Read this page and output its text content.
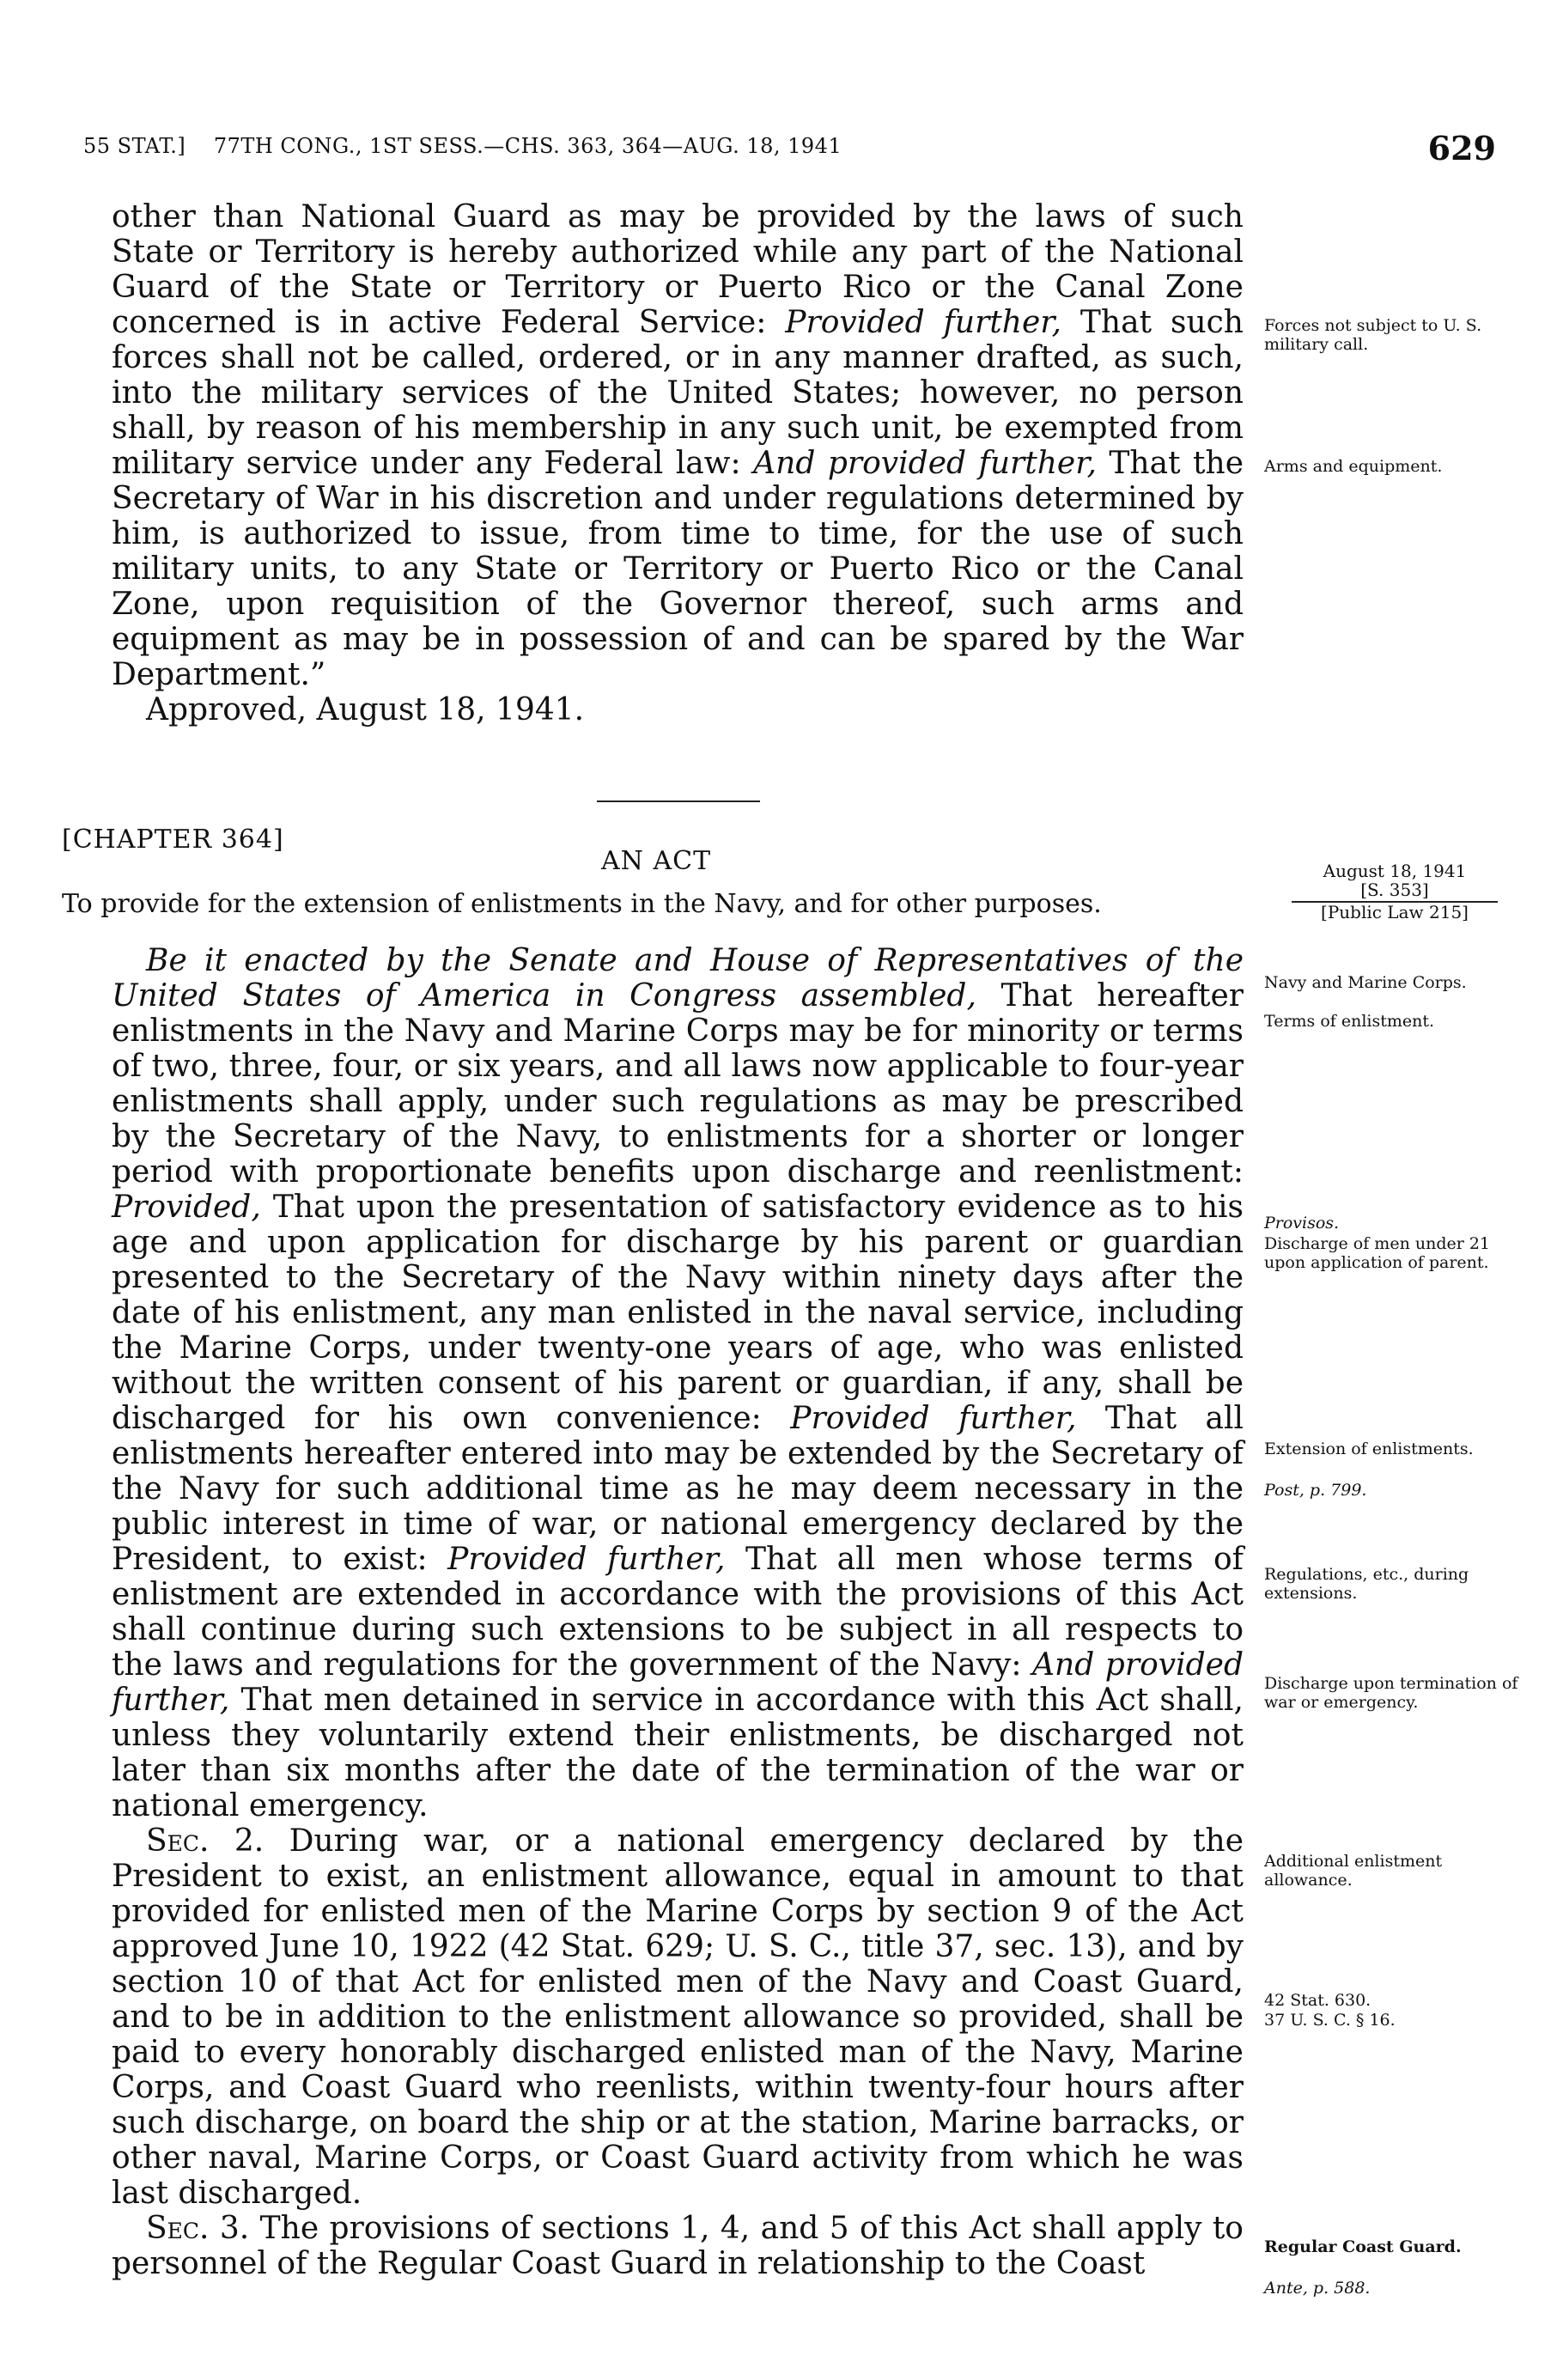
55 STAT.]    77TH CONG., 1ST SESS.—CHS. 363, 364—AUG. 18, 1941	629

other than National Guard as may be provided by the laws of such State or Territory is hereby authorized while any part of the National Guard of the State or Territory or Puerto Rico or the Canal Zone concerned is in active Federal Service: Provided further, That such forces shall not be called, ordered, or in any manner drafted, as such, into the military services of the United States; however, no person shall, by reason of his membership in any such unit, be exempted from military service under any Federal law: And provided further, That the Secretary of War in his discretion and under regulations determined by him, is authorized to issue, from time to time, for the use of such military units, to any State or Territory or Puerto Rico or the Canal Zone, upon requisition of the Governor thereof, such arms and equipment as may be in possession of and can be spared by the War Department.”

Approved, August 18, 1941.

[CHAPTER 364]
AN ACT
To provide for the extension of enlistments in the Navy, and for other purposes.
August 18, 1941
[S. 353]
[Public Law 215]

Be it enacted by the Senate and House of Representatives of the United States of America in Congress assembled, That hereafter enlistments in the Navy and Marine Corps may be for minority or terms of two, three, four, or six years, and all laws now applicable to four-year enlistments shall apply, under such regulations as may be prescribed by the Secretary of the Navy, to enlistments for a shorter or longer period with proportionate benefits upon discharge and reenlistment: Provided, That upon the presentation of satisfactory evidence as to his age and upon application for discharge by his parent or guardian presented to the Secretary of the Navy within ninety days after the date of his enlistment, any man enlisted in the naval service, including the Marine Corps, under twenty-one years of age, who was enlisted without the written consent of his parent or guardian, if any, shall be discharged for his own convenience: Provided further, That all enlistments hereafter entered into may be extended by the Secretary of the Navy for such additional time as he may deem necessary in the public interest in time of war, or national emergency declared by the President, to exist: Provided further, That all men whose terms of enlistment are extended in accordance with the provisions of this Act shall continue during such extensions to be subject in all respects to the laws and regulations for the government of the Navy: And provided further, That men detained in service in accordance with this Act shall, unless they voluntarily extend their enlistments, be discharged not later than six months after the date of the termination of the war or national emergency.

Sec. 2. During war, or a national emergency declared by the President to exist, an enlistment allowance, equal in amount to that provided for enlisted men of the Marine Corps by section 9 of the Act approved June 10, 1922 (42 Stat. 629; U. S. C., title 37, sec. 13), and by section 10 of that Act for enlisted men of the Navy and Coast Guard, and to be in addition to the enlistment allowance so provided, shall be paid to every honorably discharged enlisted man of the Navy, Marine Corps, and Coast Guard who reenlists, within twenty-four hours after such discharge, on board the ship or at the station, Marine barracks, or other naval, Marine Corps, or Coast Guard activity from which he was last discharged.

Sec. 3. The provisions of sections 1, 4, and 5 of this Act shall apply to personnel of the Regular Coast Guard in relationship to the Coast

Forces not subject to U. S. military call.
Arms and equipment.
Navy and Marine Corps.
Terms of enlistment.
Provisos.
Discharge of men under 21 upon application of parent.
Extension of enlistments.
Post, p. 799.
Regulations, etc., during extensions.
Discharge upon termination of war or emergency.
Additional enlistment allowance.
42 Stat. 630.
37 U. S. C. § 16.
Regular Coast Guard.
Ante, p. 588.
